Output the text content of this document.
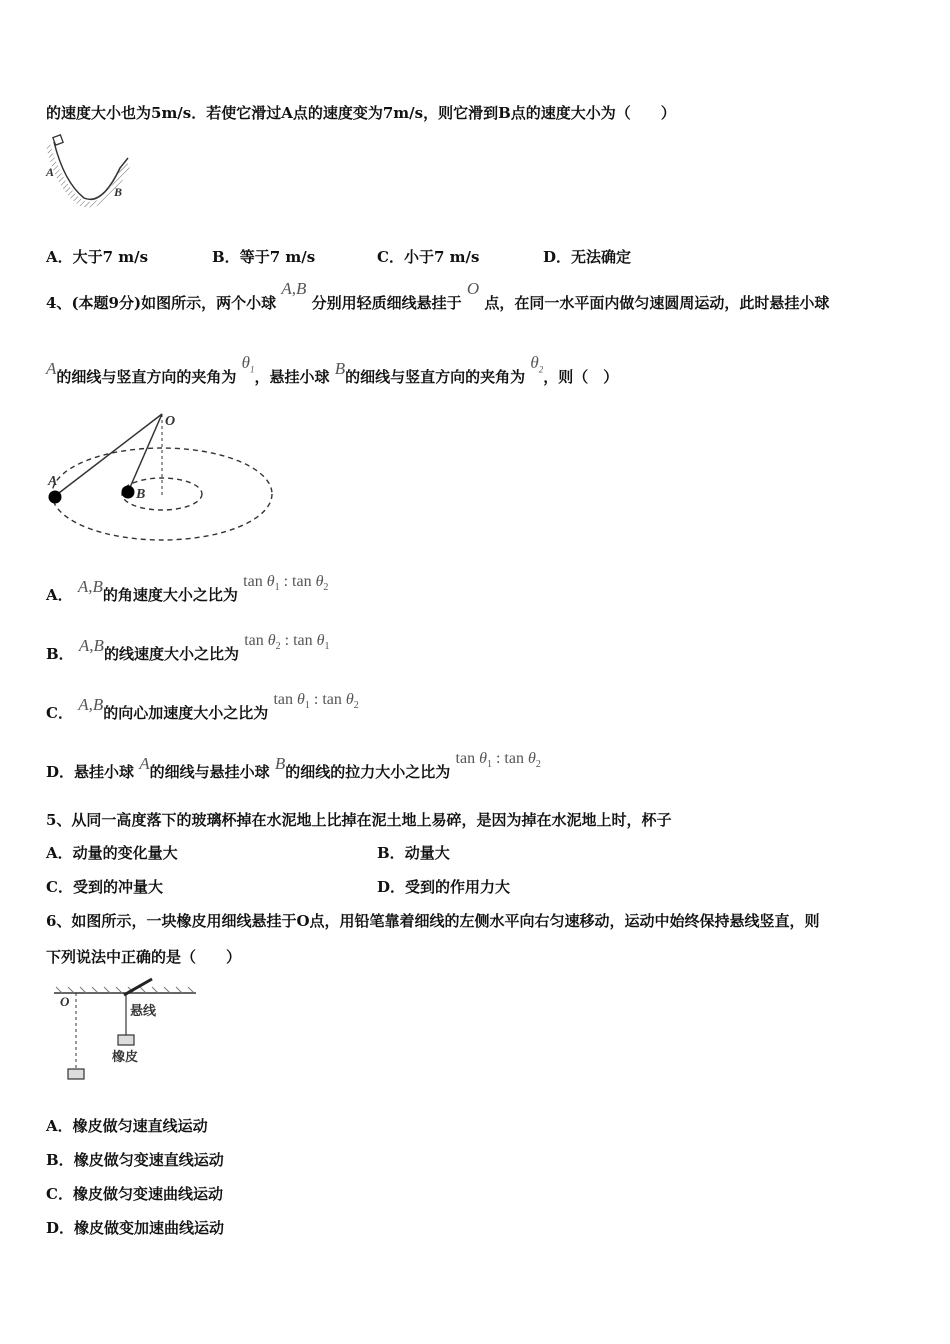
的速度大小也为5m/s．若使它滑过A点的速度变为7m/s，则它滑到B点的速度大小为（　　）
A
B
A．大于7 m/s	B．等于7 m/s	C．小于7 m/s	D．无法确定
4、(本题9分)如图所示，两个小球 A,B 分别用轻质细线悬挂于 O 点，在同一水平面内做匀速圆周运动，此时悬挂小球
A的细线与竖直方向的夹角为 $\theta_1$，悬挂小球 B的细线与竖直方向的夹角为 $\theta_2$，则（　）
O
A
B
A． A,B的角速度大小之比为 $\tan \theta_1$ : $\tan \theta_2$
B． A,B的线速度大小之比为 $\tan \theta_2$ : $\tan \theta_1$
C． A,B的向心加速度大小之比为 $\tan \theta_1$ : $\tan \theta_2$
D．悬挂小球 A的细线与悬挂小球 B的细线的拉力大小之比为 $\tan \theta_1$ : $\tan \theta_2$
5、从同一高度落下的玻璃杯掉在水泥地上比掉在泥土地上易碎，是因为掉在水泥地上时，杯子
A．动量的变化量大	B．动量大
C．受到的冲量大	D．受到的作用力大
6、如图所示，一块橡皮用细线悬挂于O点，用铅笔靠着细线的左侧水平向右匀速移动，运动中始终保持悬线竖直，则
下列说法中正确的是（　　）
O
悬线
橡皮
A．橡皮做匀速直线运动
B．橡皮做匀变速直线运动
C．橡皮做匀变速曲线运动
D．橡皮做变加速曲线运动
